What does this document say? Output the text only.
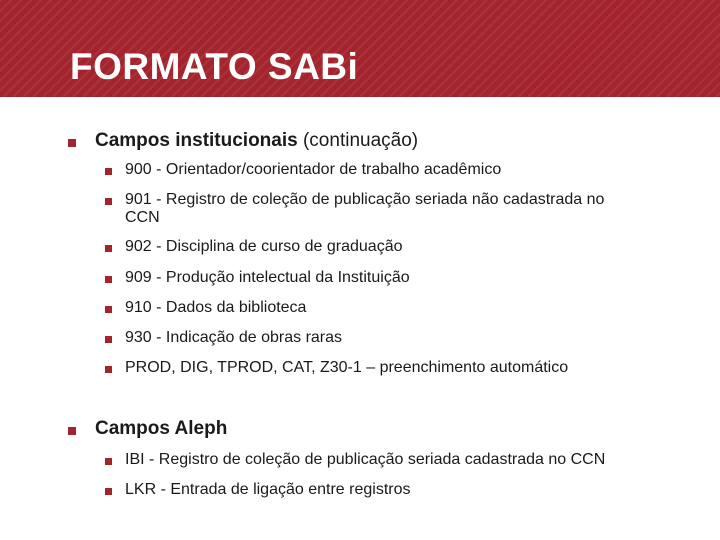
FORMATO SABi
Campos institucionais (continuação)
900 - Orientador/coorientador de trabalho acadêmico
901 - Registro de coleção de publicação seriada não cadastrada no
CCN
902 - Disciplina de curso de graduação
909 - Produção intelectual da Instituição
910 - Dados da biblioteca
930 - Indicação de obras raras
PROD, DIG, TPROD, CAT, Z30-1 – preenchimento automático
Campos Aleph
IBI - Registro de coleção de publicação seriada cadastrada no CCN
LKR - Entrada de ligação entre registros
